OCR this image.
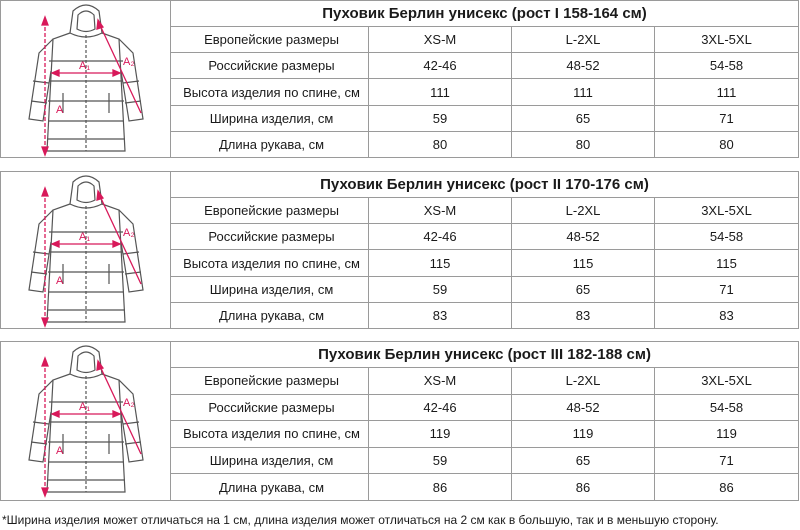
A
A₁	A₂
Пуховик Берлин унисекс (рост I 158-164 см)
Европейские размеры	XS-M	L-2XL	3XL-5XL
Российские размеры	42-46	48-52	54-58
Высота изделия по спине, см	111	111	111
Ширина изделия, см	59	65	71
Длина рукава, см	80	80	80
A
A₁	A₂
Пуховик Берлин унисекс (рост II 170-176 см)
Европейские размеры	XS-M	L-2XL	3XL-5XL
Российские размеры	42-46	48-52	54-58
Высота изделия по спине, см	115	115	115
Ширина изделия, см	59	65	71
Длина рукава, см	83	83	83
A
A₁	A₂
Пуховик Берлин унисекс (рост III 182-188 см)
Европейские размеры	XS-M	L-2XL	3XL-5XL
Российские размеры	42-46	48-52	54-58
Высота изделия по спине, см	119	119	119
Ширина изделия, см	59	65	71
Длина рукава, см	86	86	86
*Ширина изделия может отличаться на 1 см, длина изделия может отличаться на 2 см как в большую, так и в меньшую сторону.
